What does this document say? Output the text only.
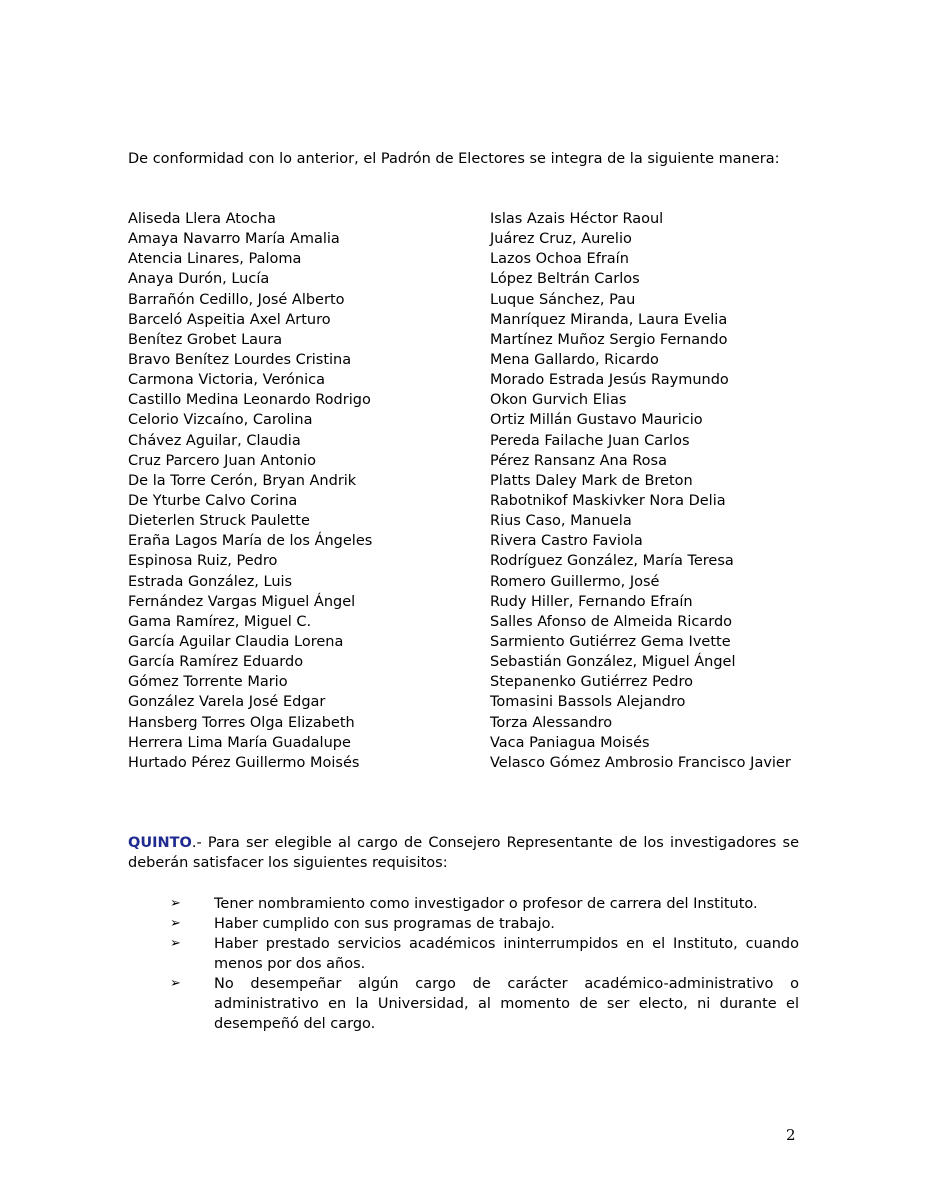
De conformidad con lo anterior, el Padrón de Electores se integra de la siguiente manera:

Aliseda Llera Atocha
Amaya Navarro María Amalia
Atencia Linares, Paloma
Anaya Durón, Lucía
Barrañón Cedillo, José Alberto
Barceló Aspeitia Axel Arturo
Benítez Grobet Laura
Bravo Benítez Lourdes Cristina
Carmona Victoria, Verónica
Castillo Medina Leonardo Rodrigo
Celorio Vizcaíno, Carolina
Chávez Aguilar, Claudia
Cruz Parcero Juan Antonio
De la Torre Cerón, Bryan Andrik
De Yturbe Calvo Corina
Dieterlen Struck Paulette
Eraña Lagos María de los Ángeles
Espinosa Ruiz, Pedro
Estrada González, Luis
Fernández Vargas Miguel Ángel
Gama Ramírez, Miguel C.
García Aguilar Claudia Lorena
García Ramírez Eduardo
Gómez Torrente Mario
González Varela José Edgar
Hansberg Torres Olga Elizabeth
Herrera Lima María Guadalupe
Hurtado Pérez Guillermo Moisés
Islas Azais Héctor Raoul
Juárez Cruz, Aurelio
Lazos Ochoa Efraín
López Beltrán Carlos
Luque Sánchez, Pau
Manríquez Miranda, Laura Evelia
Martínez Muñoz Sergio Fernando
Mena Gallardo, Ricardo
Morado Estrada Jesús Raymundo
Okon Gurvich Elias
Ortiz Millán Gustavo Mauricio
Pereda Failache Juan Carlos
Pérez Ransanz Ana Rosa
Platts Daley Mark de Breton
Rabotnikof Maskivker Nora Delia
Rius Caso, Manuela
Rivera Castro Faviola
Rodríguez González, María Teresa
Romero Guillermo, José
Rudy Hiller, Fernando Efraín
Salles Afonso de Almeida Ricardo
Sarmiento Gutiérrez Gema Ivette
Sebastián González, Miguel Ángel
Stepanenko Gutiérrez Pedro
Tomasini Bassols Alejandro
Torza Alessandro
Vaca Paniagua Moisés
Velasco Gómez Ambrosio Francisco Javier

QUINTO.- Para ser elegible al cargo de Consejero Representante de los investigadores se deberán satisfacer los siguientes requisitos:

➢ Tener nombramiento como investigador o profesor de carrera del Instituto.
➢ Haber cumplido con sus programas de trabajo.
➢ Haber prestado servicios académicos ininterrumpidos en el Instituto, cuando menos por dos años.
➢ No desempeñar algún cargo de carácter académico-administrativo o administrativo en la Universidad, al momento de ser electo, ni durante el desempeñó del cargo.
2
